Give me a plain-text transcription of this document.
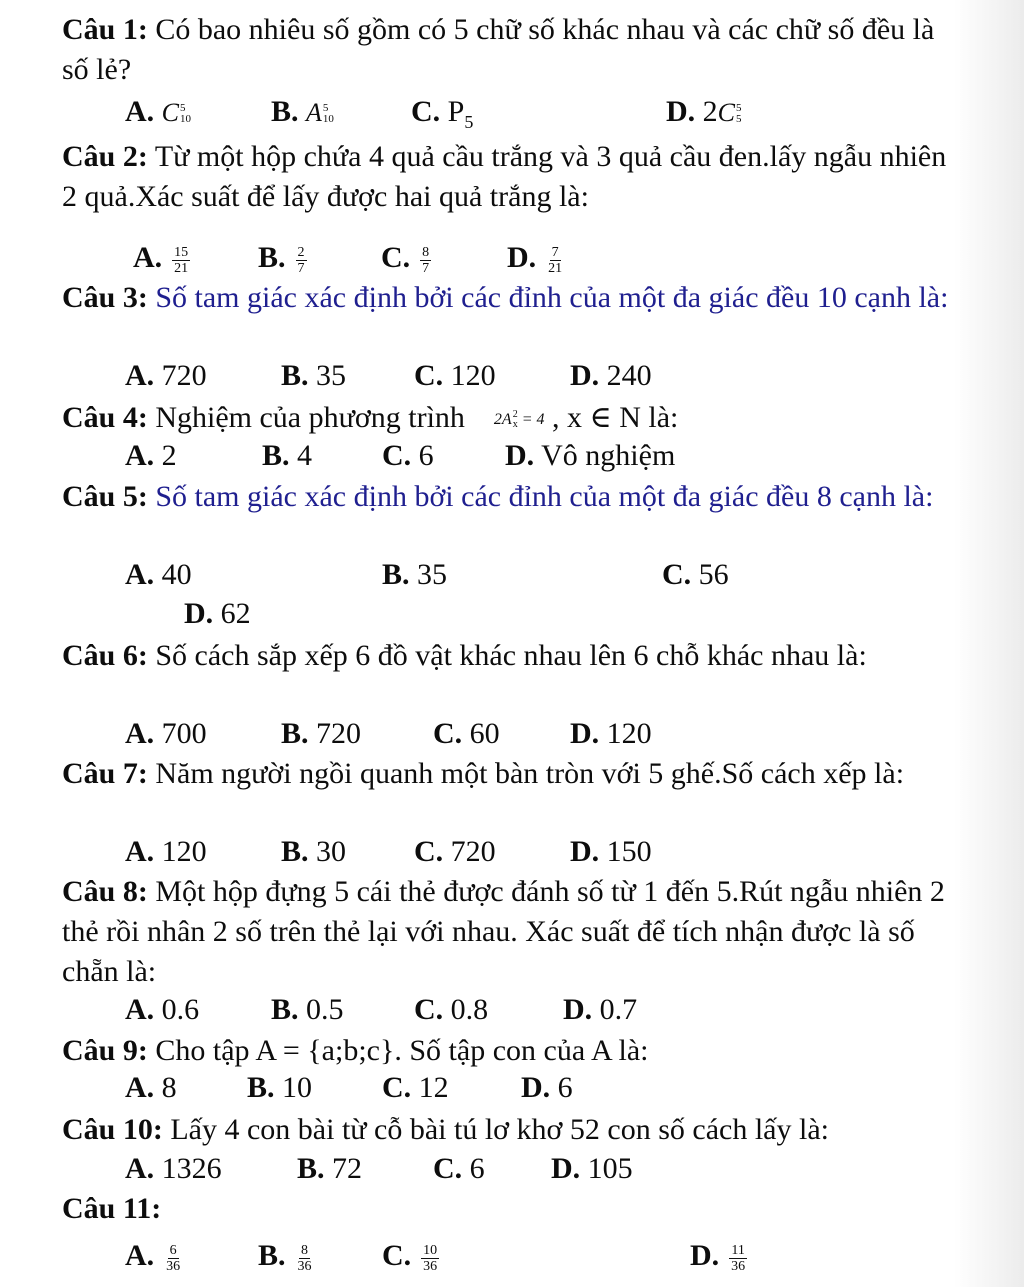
Câu 1: Có bao nhiêu số gồm có 5 chữ số khác nhau và các chữ số đều là số lẻ?
A. C 5
10	B. A 5
10	C. $P_5$	D. 2C 5
5
Câu 2: Từ một hộp chứa 4 quả cầu trắng và 3 quả cầu đen.lấy ngẫu nhiên 2 quả.Xác suất để lấy được hai quả trắng là:
A. $\frac{15}{21} B$. $\frac{2}{7} C$. $\frac{8}{7}$	D. $\frac{7}{21}$
Câu 3: Số tam giác xác định bởi các đỉnh của một đa giác đều 10 cạnh là:
A. 720 B. 35 C. 120 D. 240
Câu 4: Nghiệm của phương trình 2A 2
x = 4 , x ∈ N là:
A. 2	B. 4 C. 6 D. Vô nghiệm
Câu 5: Số tam giác xác định bởi các đỉnh của một đa giác đều 8 cạnh là:
A. 40	B. 35	C. 56
D. 62
Câu 6: Số cách sắp xếp 6 đồ vật khác nhau lên 6 chỗ khác nhau là:
A. 700 B. 720 C. 60 D. 120
Câu 7: Năm người ngồi quanh một bàn tròn với 5 ghế.Số cách xếp là:
A. 120 B. 30 C. 720 D. 150
Câu 8: Một hộp đựng 5 cái thẻ được đánh số từ 1 đến 5.Rút ngẫu nhiên 2 thẻ rồi nhân 2 số trên thẻ lại với nhau. Xác suất để tích nhận được là số chẵn là:
A. 0.6 B. 0.5 C. 0.8 D. 0.7
Câu 9: Cho tập A = {a;b;c}. Số tập con của A là:
A. 8 B. 10 C. 12 D. 6
Câu 10: Lấy 4 con bài từ cỗ bài tú lơ khơ 52 con số cách lấy là:
A. 1326	B. 72 C. 6 D. 105
Câu 11:
A. $\frac{6}{36}$	B. $\frac{8}{36} C$. $\frac{10}{36}$	D. $\frac{11}{36}$
